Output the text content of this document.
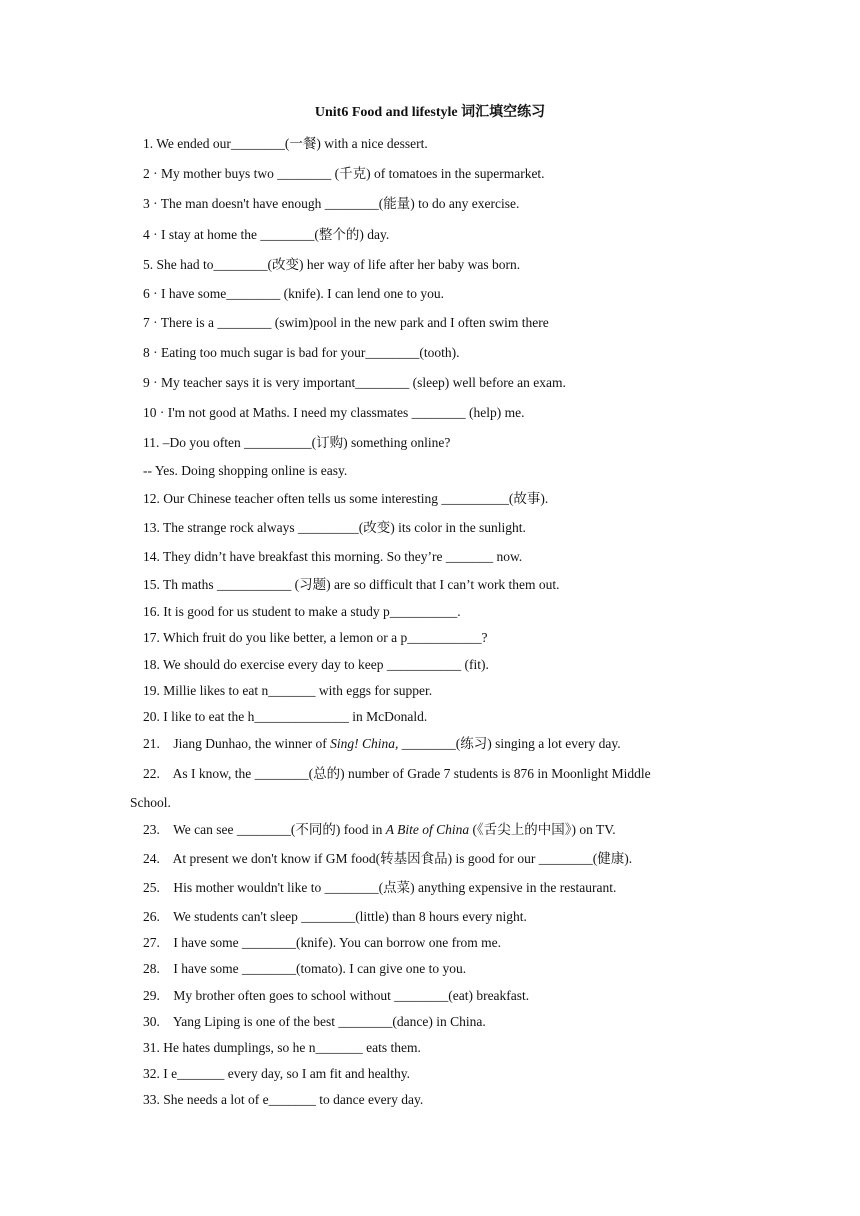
Unit6 Food and lifestyle 词汇填空练习
1. We ended our________(一餐) with a nice dessert.
2 · My mother buys two ________ (千克) of tomatoes in the supermarket.
3 · The man doesn't have enough ________(能量) to do any exercise.
4 · I stay at home the ________(整个的) day.
5. She had to________(改变) her way of life after her baby was born.
6 · I have some________ (knife). I can lend one to you.
7 · There is a ________ (swim)pool in the new park and I often swim there
8 · Eating too much sugar is bad for your________(tooth).
9 · My teacher says it is very important________ (sleep) well before an exam.
10 · I'm not good at Maths. I need my classmates ________ (help) me.
11. –Do you often __________(订购) something online?
-- Yes. Doing shopping online is easy.
12. Our Chinese teacher often tells us some interesting __________(故事).
13. The strange rock always _________(改变) its color in the sunlight.
14. They didn’t have breakfast this morning. So they’re _______ now.
15. Th maths ___________ (习题) are so difficult that I can’t work them out.
16. It is good for us student to make a study p__________.
17. Which fruit do you like better, a lemon or a p___________?
18. We should do exercise every day to keep ___________ (fit).
19. Millie likes to eat n_______ with eggs for supper.
20. I like to eat the h______________ in McDonald.
21.    Jiang Dunhao, the winner of Sing! China, ________(练习) singing a lot every day.
22.    As I know, the ________(总的) number of Grade 7 students is 876 in Moonlight Middle
School.
23.    We can see ________(不同的) food in A Bite of China (《舌尖上的中国》) on TV.
24.    At present we don't know if GM food(转基因食品) is good for our ________(健康).
25.    His mother wouldn't like to ________(点菜) anything expensive in the restaurant.
26.    We students can't sleep ________(little) than 8 hours every night.
27.    I have some ________(knife). You can borrow one from me.
28.    I have some ________(tomato). I can give one to you.
29.    My brother often goes to school without ________(eat) breakfast.
30.    Yang Liping is one of the best ________(dance) in China.
31. He hates dumplings, so he n_______ eats them.
32. I e_______ every day, so I am fit and healthy.
33. She needs a lot of e_______ to dance every day.
